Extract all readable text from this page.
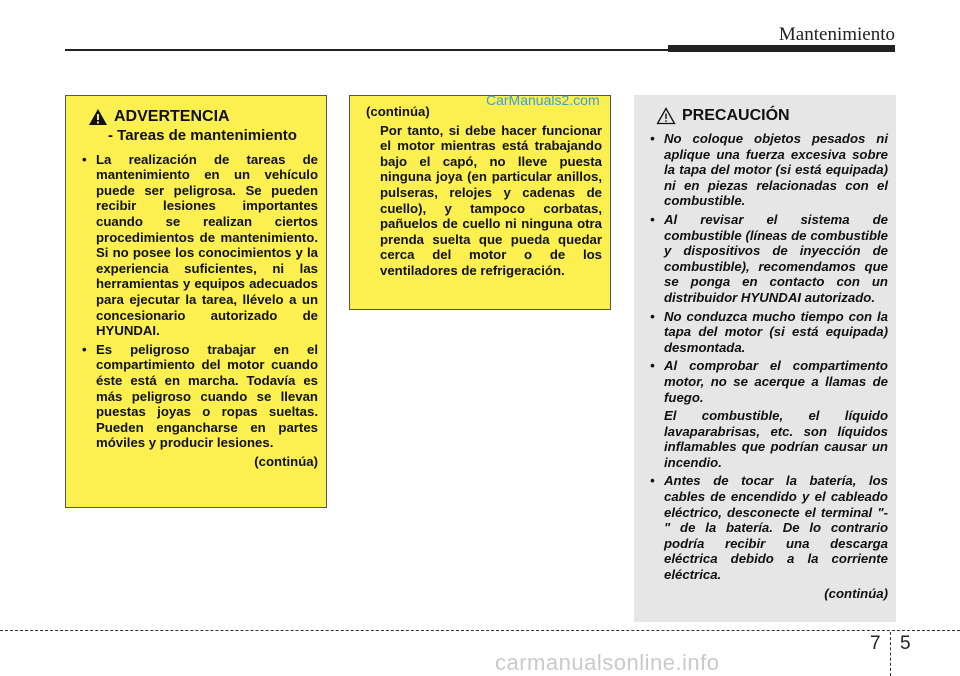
Mantenimiento
ADVERTENCIA
- Tareas de mantenimiento
• La realización de tareas de mantenimiento en un vehículo puede ser peligrosa. Se pueden recibir lesiones importantes cuando se realizan ciertos procedimientos de mantenimiento. Si no posee los conocimientos y la experiencia suficientes, ni las herramientas y equipos adecuados para ejecutar la tarea, llévelo a un concesionario autorizado de HYUNDAI.
• Es peligroso trabajar en el compartimiento del motor cuando éste está en marcha. Todavía es más peligroso cuando se llevan puestas joyas o ropas sueltas. Pueden engancharse en partes móviles y producir lesiones.
(continúa)
(continúa)
Por tanto, si debe hacer funcionar el motor mientras está trabajando bajo el capó, no lleve puesta ninguna joya (en particular anillos, pulseras, relojes y cadenas de cuello), y tampoco corbatas, pañuelos de cuello ni ninguna otra prenda suelta que pueda quedar cerca del motor o de los ventiladores de refrigeración.
CarManuals2.com
PRECAUCIÓN
• No coloque objetos pesados ni aplique una fuerza excesiva sobre la tapa del motor (si está equipada) ni en piezas relacionadas con el combustible.
• Al revisar el sistema de combustible (líneas de combustible y dispositivos de inyección de combustible), recomendamos que se ponga en contacto con un distribuidor HYUNDAI autorizado.
• No conduzca mucho tiempo con la tapa del motor (si está equipada) desmontada.
• Al comprobar el compartimento motor, no se acerque a llamas de fuego.
El combustible, el líquido lavaparabrisas, etc. son líquidos inflamables que podrían causar un incendio.
• Antes de tocar la batería, los cables de encendido y el cableado eléctrico, desconecte el terminal "-" de la batería. De lo contrario podría recibir una descarga eléctrica debido a la corriente eléctrica.
(continúa)
7 5
carmanualsonline.info
